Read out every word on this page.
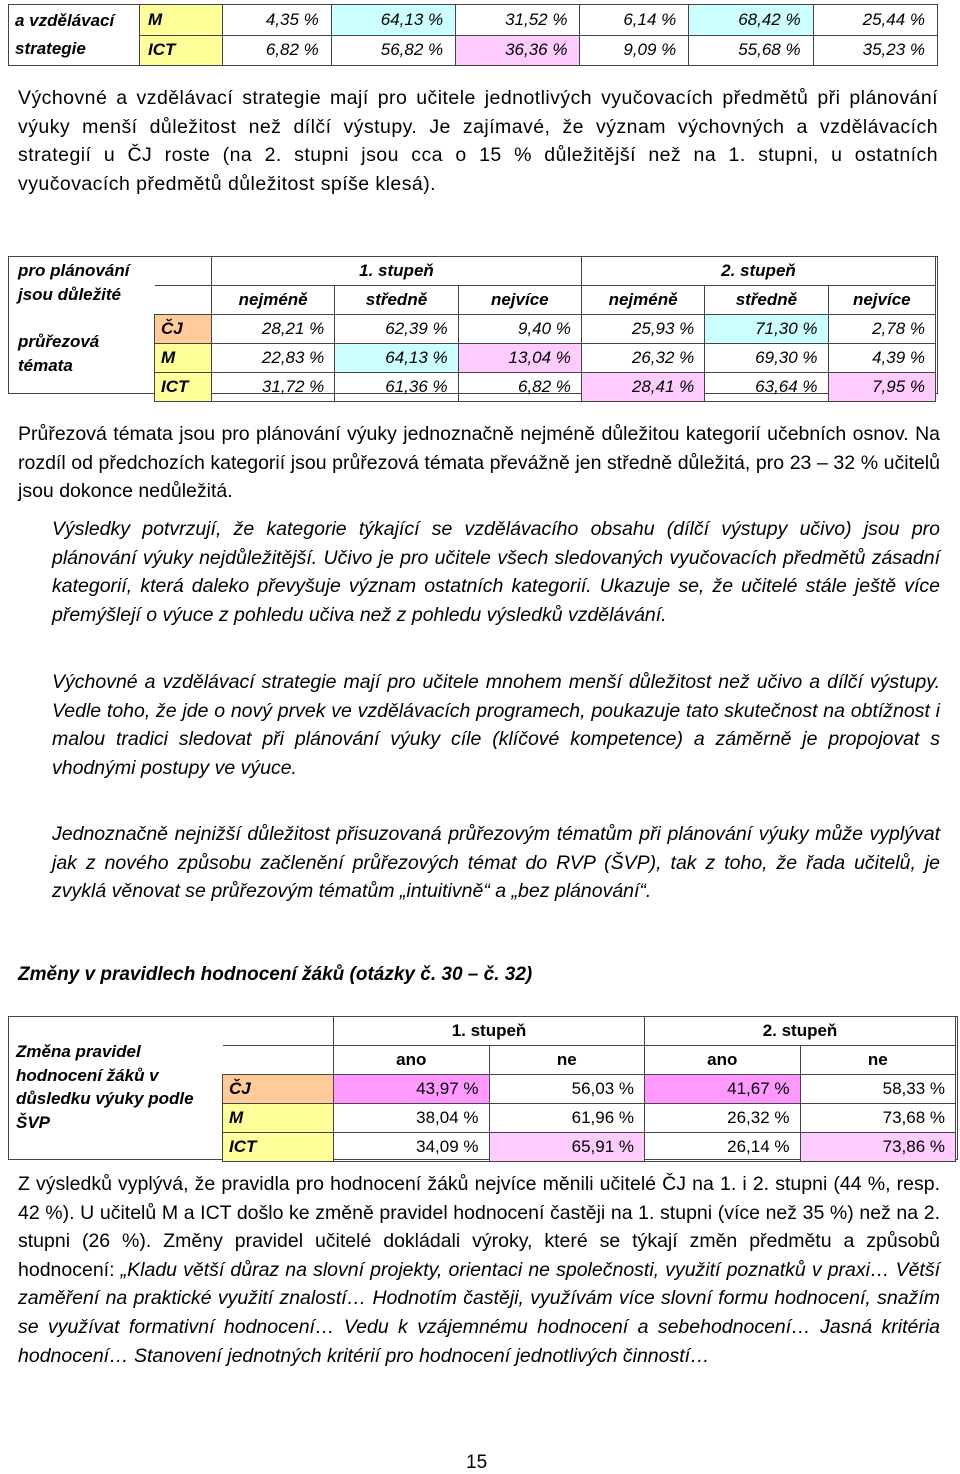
a vzdělávací strategie	M	4,35 %	64,13 %	31,52 %	6,14 %	68,42 %	25,44 %
	ICT	6,82 %	56,82 %	36,36 %	9,09 %	55,68 %	35,23 %
Výchovné a vzdělávací strategie mají pro učitele jednotlivých vyučovacích předmětů při plánování výuky menší důležitost než dílčí výstupy. Je zajímavé, že význam výchovných a vzdělávacích strategií u ČJ roste (na 2. stupni jsou cca o 15 % důležitější než na 1. stupni, u ostatních vyučovacích předmětů důležitost spíše klesá).
pro plánování jsou důležité
průřezová témata
	1. stupeň			2. stupeň		
	nejméně	středně	nejvíce	nejméně	středně	nejvíce
ČJ	28,21 %	62,39 %	9,40 %	25,93 %	71,30 %	2,78 %
M	22,83 %	64,13 %	13,04 %	26,32 %	69,30 %	4,39 %
ICT	31,72 %	61,36 %	6,82 %	28,41 %	63,64 %	7,95 %
Průřezová témata jsou pro plánování výuky jednoznačně nejméně důležitou kategorií učebních osnov. Na rozdíl od předchozích kategorií jsou průřezová témata převážně jen středně důležitá, pro 23 – 32 % učitelů jsou dokonce nedůležitá.
Výsledky potvrzují, že kategorie týkající se vzdělávacího obsahu (dílčí výstupy učivo) jsou pro plánování výuky nejdůležitější. Učivo je pro učitele všech sledovaných vyučovacích předmětů zásadní kategorií, která daleko převyšuje význam ostatních kategorií. Ukazuje se, že učitelé stále ještě více přemýšlejí o výuce z pohledu učiva než z pohledu výsledků vzdělávání.
Výchovné a vzdělávací strategie mají pro učitele mnohem menší důležitost než učivo a dílčí výstupy. Vedle toho, že jde o nový prvek ve vzdělávacích programech, poukazuje tato skutečnost na obtížnost i malou tradici sledovat při plánování výuky cíle (klíčové kompetence) a záměrně je propojovat s vhodnými postupy ve výuce.
Jednoznačně nejnižší důležitost přisuzovaná průřezovým tématům při plánování výuky může vyplývat jak z nového způsobu začlenění průřezových témat do RVP (ŠVP), tak z toho, že řada učitelů, je zvyklá věnovat se průřezovým tématům „intuitivně“ a „bez plánování“.
Změny v pravidlech hodnocení žáků (otázky č. 30 – č. 32)
Změna pravidel hodnocení žáků v důsledku výuky podle ŠVP
	1. stupeň		2. stupeň	
	ano	ne	ano	ne
ČJ	43,97 %	56,03 %	41,67 %	58,33 %
M	38,04 %	61,96 %	26,32 %	73,68 %
ICT	34,09 %	65,91 %	26,14 %	73,86 %
Z výsledků vyplývá, že pravidla pro hodnocení žáků nejvíce měnili učitelé ČJ na 1. i 2. stupni (44 %, resp. 42 %). U učitelů M a ICT došlo ke změně pravidel hodnocení častěji na 1. stupni (více než 35 %) než na 2. stupni (26 %). Změny pravidel učitelé dokládali výroky, které se týkají změn předmětu a způsobů hodnocení: „Kladu větší důraz na slovní projekty, orientaci ne společnosti, využití poznatků v praxi… Větší zaměření na praktické využití znalostí… Hodnotím častěji, využívám více slovní formu hodnocení, snažím se využívat formativní hodnocení… Vedu k vzájemnému hodnocení a sebehodnocení… Jasná kritéria hodnocení… Stanovení jednotných kritérií pro hodnocení jednotlivých činností…
15
